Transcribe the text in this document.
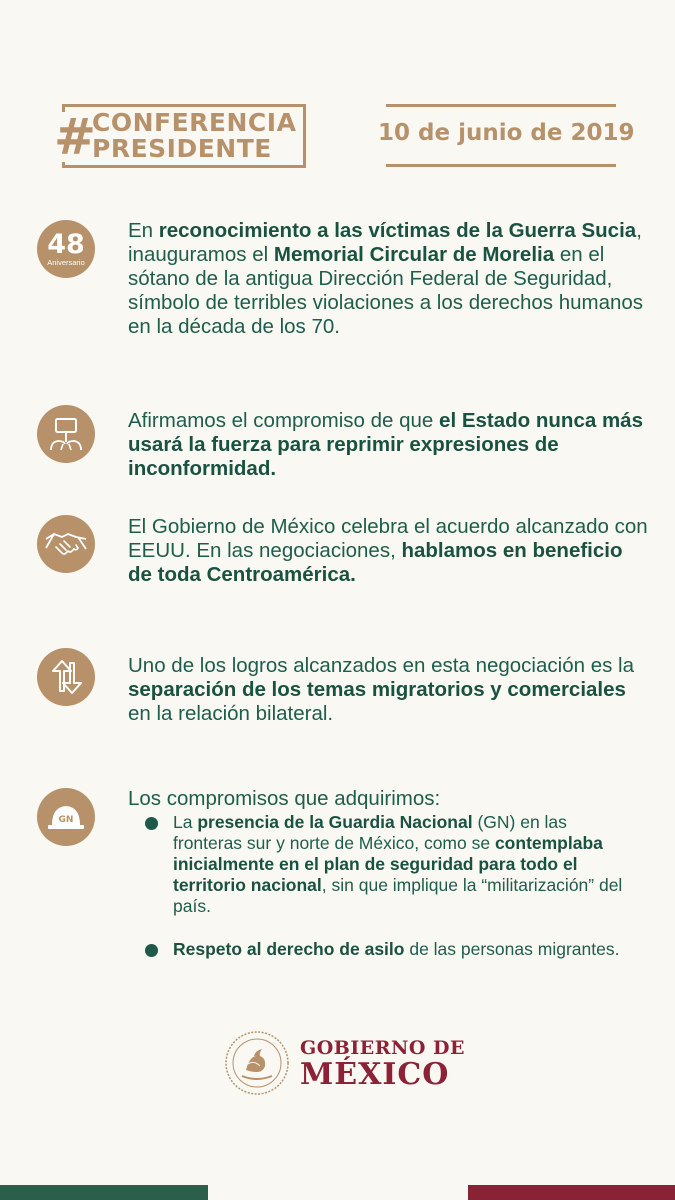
#
CONFERENCIA
PRESIDENTE
10 de junio de 2019
48
Aniversario

En reconocimiento a las víctimas de la Guerra Sucia, inauguramos el Memorial Circular de Morelia en el sótano de la antigua Dirección Federal de Seguridad, símbolo de terribles violaciones a los derechos humanos en la década de los 70.

Afirmamos el compromiso de que el Estado nunca más usará la fuerza para reprimir expresiones de inconformidad.

El Gobierno de México celebra el acuerdo alcanzado con EEUU. En las negociaciones, hablamos en beneficio de toda Centroamérica.

Uno de los logros alcanzados en esta negociación es la separación de los temas migratorios y comerciales en la relación bilateral.

GN

Los compromisos que adquirimos:

La presencia de la Guardia Nacional (GN) en las fronteras sur y norte de México, como se contemplaba inicialmente en el plan de seguridad para todo el territorio nacional, sin que implique la “militarización” del país.
Respeto al derecho de asilo de las personas migrantes.
GOBIERNO DE
MÉXICO
